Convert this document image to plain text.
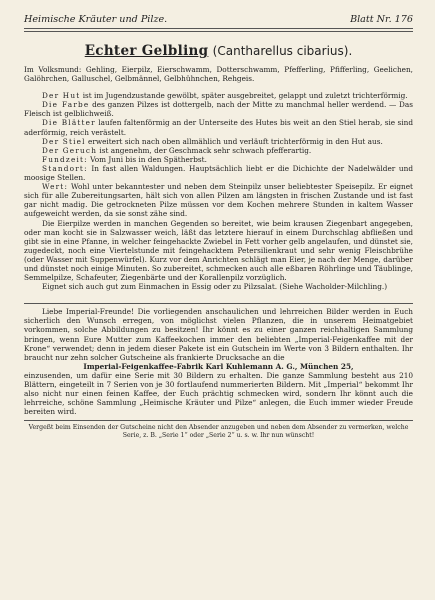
Heimische Kräuter und Pilze.	Blatt Nr. 176
Echter Gelbling (Cantharellus cibarius).

Im Volksmund: Gehling, Eierpilz, Eierschwamm, Dotterschwamm, Pfefferling, Pfifferling, Geelichen, Galöhrchen, Galluschel, Gelbmännel, Gelbhühnchen, Rehgeis.

Der Hut ist im Jugendzustande gewölbt, später ausgebreitet, gelappt und zuletzt trichterförmig.

Die Farbe des ganzen Pilzes ist dottergelb, nach der Mitte zu manchmal heller werdend. — Das Fleisch ist gelblichweiß.

Die Blätter laufen faltenförmig an der Unterseite des Hutes bis weit an den Stiel herab, sie sind aderförmig, reich verästelt.

Der Stiel erweitert sich nach oben allmählich und verläuft trichterförmig in den Hut aus.

Der Geruch ist angenehm, der Geschmack sehr schwach pfefferartig.

Fundzeit: Vom Juni bis in den Spätherbst.

Standort: In fast allen Waldungen. Hauptsächlich liebt er die Dichichte der Nadelwälder und moosige Stellen.

Wert: Wohl unter bekanntester und neben dem Steinpilz unser beliebtester Speisepilz. Er eignet sich für alle Zubereitungsarten, hält sich von allen Pilzen am längsten in frischen Zustande und ist fast gar nicht madig. Die getrockneten Pilze müssen vor dem Kochen mehrere Stunden in kaltem Wasser aufgeweicht werden, da sie sonst zähe sind.

Die Eierpilze werden in manchen Gegenden so bereitet, wie beim krausen Ziegenbart angegeben, oder man kocht sie in Salzwasser weich, läßt das letztere hierauf in einem Durchschlag abfließen und gibt sie in eine Pfanne, in welcher feingehackte Zwiebel in Fett vorher gelb angelaufen, und dünstet sie, zugedeckt, noch eine Viertelstunde mit feingehacktem Petersilienkraut und sehr wenig Fleischbrühe (oder Wasser mit Suppenwürfel). Kurz vor dem Anrichten schlägt man Eier, je nach der Menge, darüber und dünstet noch einige Minuten. So zubereitet, schmecken auch alle eßbaren Röhrlinge und Täublinge, Semmelpilze, Schafeuter, Ziegenbärte und der Korallenpilz vorzüglich.

Eignet sich auch gut zum Einmachen in Essig oder zu Pilzsalat. (Siehe Wacholder-Milchling.)

Liebe Imperial-Freunde! Die vorliegenden anschaulichen und lehrreichen Bilder werden in Euch sicherlich den Wunsch erregen, von möglichst vielen Pflanzen, die in unserem Heimatgebiet vorkommen, solche Abbildungen zu besitzen! Ihr könnt es zu einer ganzen reichhaltigen Sammlung bringen, wenn Eure Mutter zum Kaffeekochen immer den beliebten „Imperial-Feigenkaffee mit der Krone“ verwendet; denn in jedem dieser Pakete ist ein Gutschein im Werte von 3 Bildern enthalten. Ihr braucht nur zehn solcher Gutscheine als frankierte Drucksache an die

Imperial-Feigenkaffee-Fabrik Karl Kuhlemann A. G., München 25,

einzusenden, um dafür eine Serie mit 30 Bildern zu erhalten. Die ganze Sammlung besteht aus 210 Blättern, eingeteilt in 7 Serien von je 30 fortlaufend nummerierten Bildern. Mit „Imperial“ bekommt Ihr also nicht nur einen feinen Kaffee, der Euch prächtig schmecken wird, sondern Ihr könnt auch die lehrreiche, schöne Sammlung „Heimische Kräuter und Pilze“ anlegen, die Euch immer wieder Freude bereiten wird.

Vergeßt beim Einsenden der Gutscheine nicht den Absender anzugeben und neben dem Absender zu vermerken, welche Serie, z. B. „Serie 1“ oder „Serie 2“ u. s. w. Ihr nun wünscht!
